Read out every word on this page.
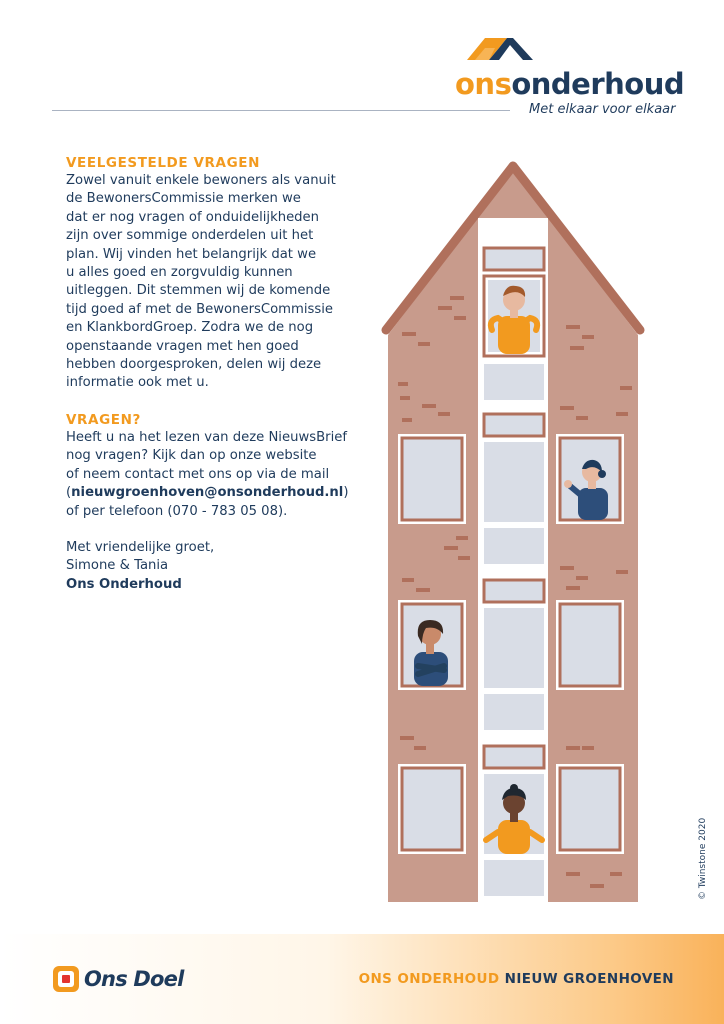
onsonderhoud
Met elkaar voor elkaar
VEELGESTELDE VRAGEN

Zowel vanuit enkele bewoners als vanuit
de BewonersCommissie merken we
dat er nog vragen of onduidelijkheden
zijn over sommige onderdelen uit het
plan. Wij vinden het belangrijk dat we
u alles goed en zorgvuldig kunnen
uitleggen. Dit stemmen wij de komende
tijd goed af met de BewonersCommissie
en KlankbordGroep. Zodra we de nog
openstaande vragen met hen goed
hebben doorgesproken, delen wij deze
informatie ook met u.

VRAGEN?

Heeft u na het lezen van deze NieuwsBrief
nog vragen? Kijk dan op onze website
of neem contact met ons op via de mail

(nieuwgroenhoven@onsonderhoud.nl)
of per telefoon (070 - 783 05 08).
Met vriendelijke groet,
Simone & Tania
Ons Onderhoud
© Twinstone 2020
Ons Doel	ONS ONDERHOUD NIEUW GROENHOVEN
